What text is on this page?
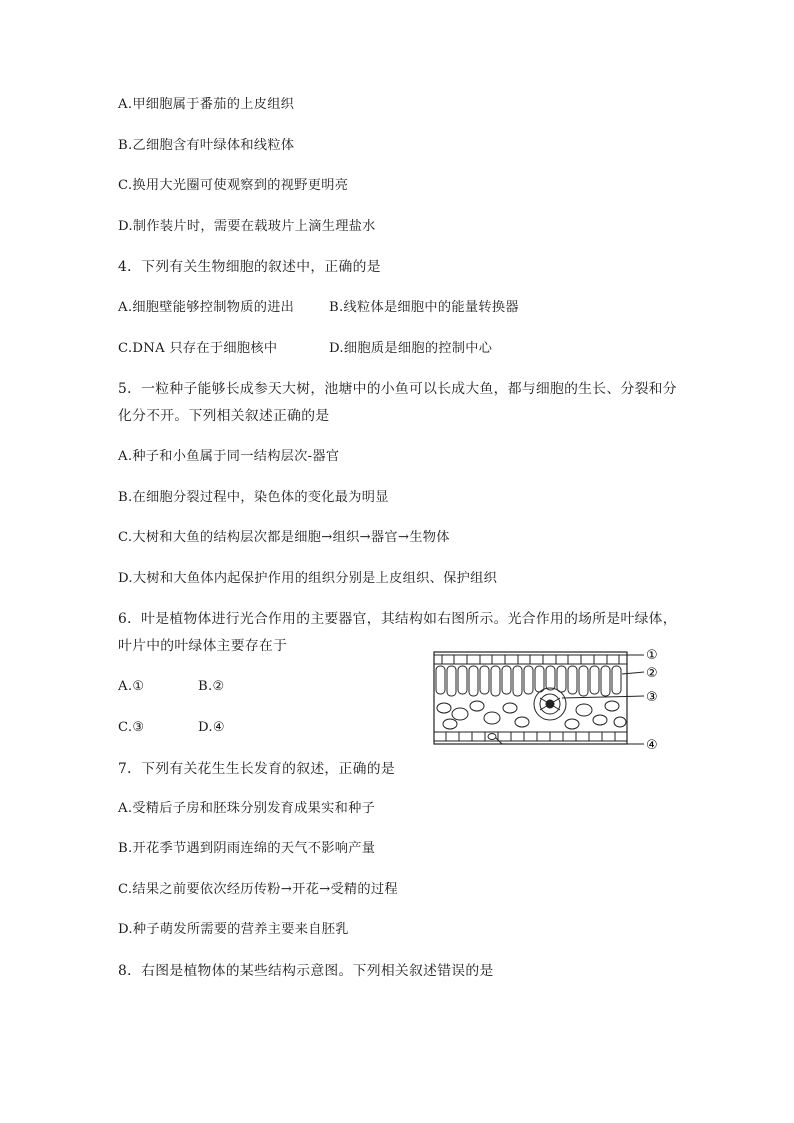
A.甲细胞属于番茄的上皮组织
B.乙细胞含有叶绿体和线粒体
C.换用大光圈可使观察到的视野更明亮
D.制作装片时，需要在载玻片上滴生理盐水
4．下列有关生物细胞的叙述中，正确的是
A.细胞壁能够控制物质的进出	B.线粒体是细胞中的能量转换器
C.DNA 只存在于细胞核中	D.细胞质是细胞的控制中心
5．一粒种子能够长成参天大树，池塘中的小鱼可以长成大鱼，都与细胞的生长、分裂和分
化分不开。下列相关叙述正确的是
A.种子和小鱼属于同一结构层次-器官
B.在细胞分裂过程中，染色体的变化最为明显
C.大树和大鱼的结构层次都是细胞→组织→器官→生物体
D.大树和大鱼体内起保护作用的组织分别是上皮组织、保护组织
6．叶是植物体进行光合作用的主要器官，其结构如右图所示。光合作用的场所是叶绿体，
叶片中的叶绿体主要存在于
A.①	B.②
C.③	D.④
①
②
③
④
7．下列有关花生生长发育的叙述，正确的是
A.受精后子房和胚珠分别发育成果实和种子
B.开花季节遇到阴雨连绵的天气不影响产量
C.结果之前要依次经历传粉→开花→受精的过程
D.种子萌发所需要的营养主要来自胚乳
8．右图是植物体的某些结构示意图。下列相关叙述错误的是
